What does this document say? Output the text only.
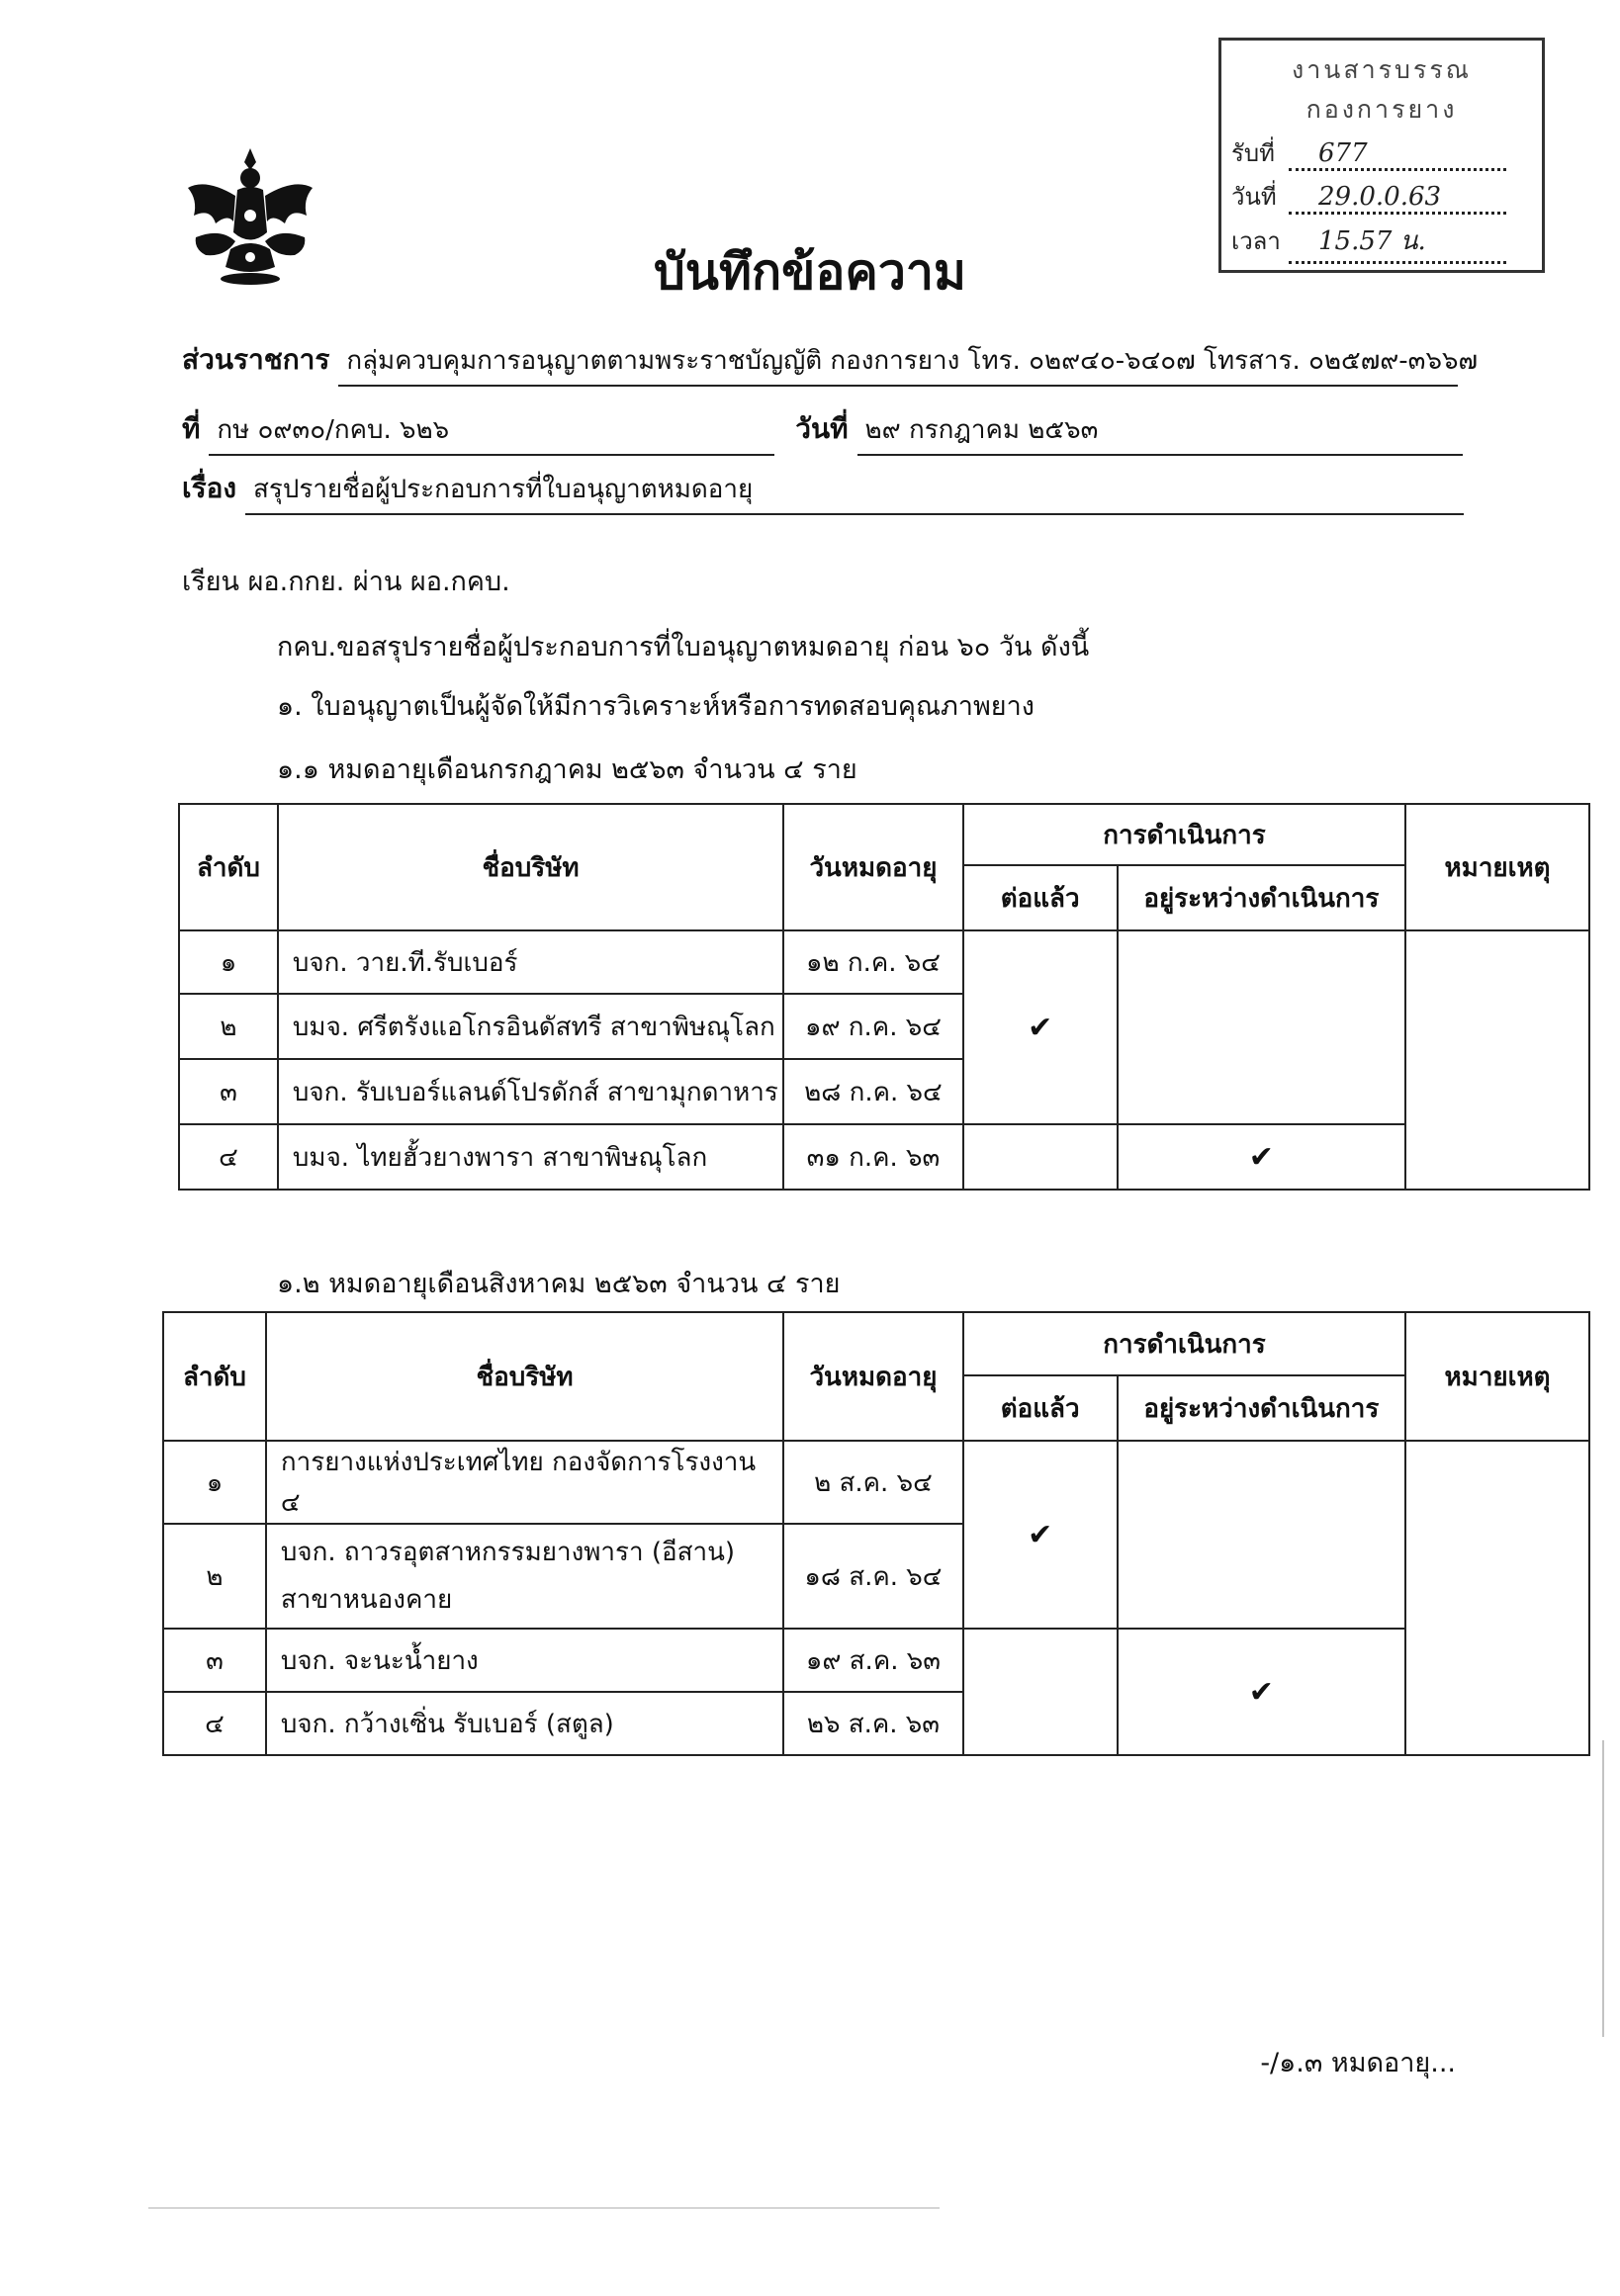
งานสารบรรณ
กองการยาง
รับที่ 677
วันที่ 29.0.0.63
เวลา 15.57 น.
บันทึกข้อความ
ส่วนราชการ กลุ่มควบคุมการอนุญาตตามพระราชบัญญัติ กองการยาง โทร. ๐๒๙๔๐-๖๔๐๗ โทรสาร. ๐๒๕๗๙-๓๖๖๗
ที่ กษ ๐๙๓๐/กคบ. ๖๒๖	วันที่ ๒๙ กรกฎาคม ๒๕๖๓
เรื่อง สรุปรายชื่อผู้ประกอบการที่ใบอนุญาตหมดอายุ
เรียน ผอ.กกย. ผ่าน ผอ.กคบ.
กคบ.ขอสรุปรายชื่อผู้ประกอบการที่ใบอนุญาตหมดอายุ ก่อน ๖๐ วัน ดังนี้
๑. ใบอนุญาตเป็นผู้จัดให้มีการวิเคราะห์หรือการทดสอบคุณภาพยาง
๑.๑ หมดอายุเดือนกรกฎาคม ๒๕๖๓ จำนวน ๔ ราย
ลำดับ	ชื่อบริษัท	วันหมดอายุ	การดำเนินการ		หมายเหตุ
			ต่อแล้ว	อยู่ระหว่างดำเนินการ	
๑	บจก. วาย.ที.รับเบอร์	๑๒ ก.ค. ๖๔	✔		
๒	บมจ. ศรีตรังแอโกรอินดัสทรี สาขาพิษณุโลก	๑๙ ก.ค. ๖๔			
๓	บจก. รับเบอร์แลนด์โปรดักส์ สาขามุกดาหาร	๒๘ ก.ค. ๖๔			
๔	บมจ. ไทยฮั้วยางพารา สาขาพิษณุโลก	๓๑ ก.ค. ๖๓		✔	
๑.๒ หมดอายุเดือนสิงหาคม ๒๕๖๓ จำนวน ๔ ราย
ลำดับ	ชื่อบริษัท	วันหมดอายุ	การดำเนินการ		หมายเหตุ
			ต่อแล้ว	อยู่ระหว่างดำเนินการ	
๑	การยางแห่งประเทศไทย กองจัดการโรงงาน ๔	๒ ส.ค. ๖๔	✔		
๒	บจก. ถาวรอุตสาหกรรมยางพารา (อีสาน)
สาขาหนองคาย	๑๘ ส.ค. ๖๔			
๓	บจก. จะนะน้ำยาง	๑๙ ส.ค. ๖๓		✔	
๔	บจก. กว้างเซิ่น รับเบอร์ (สตูล)	๒๖ ส.ค. ๖๓			
-/๑.๓ หมดอายุ...
